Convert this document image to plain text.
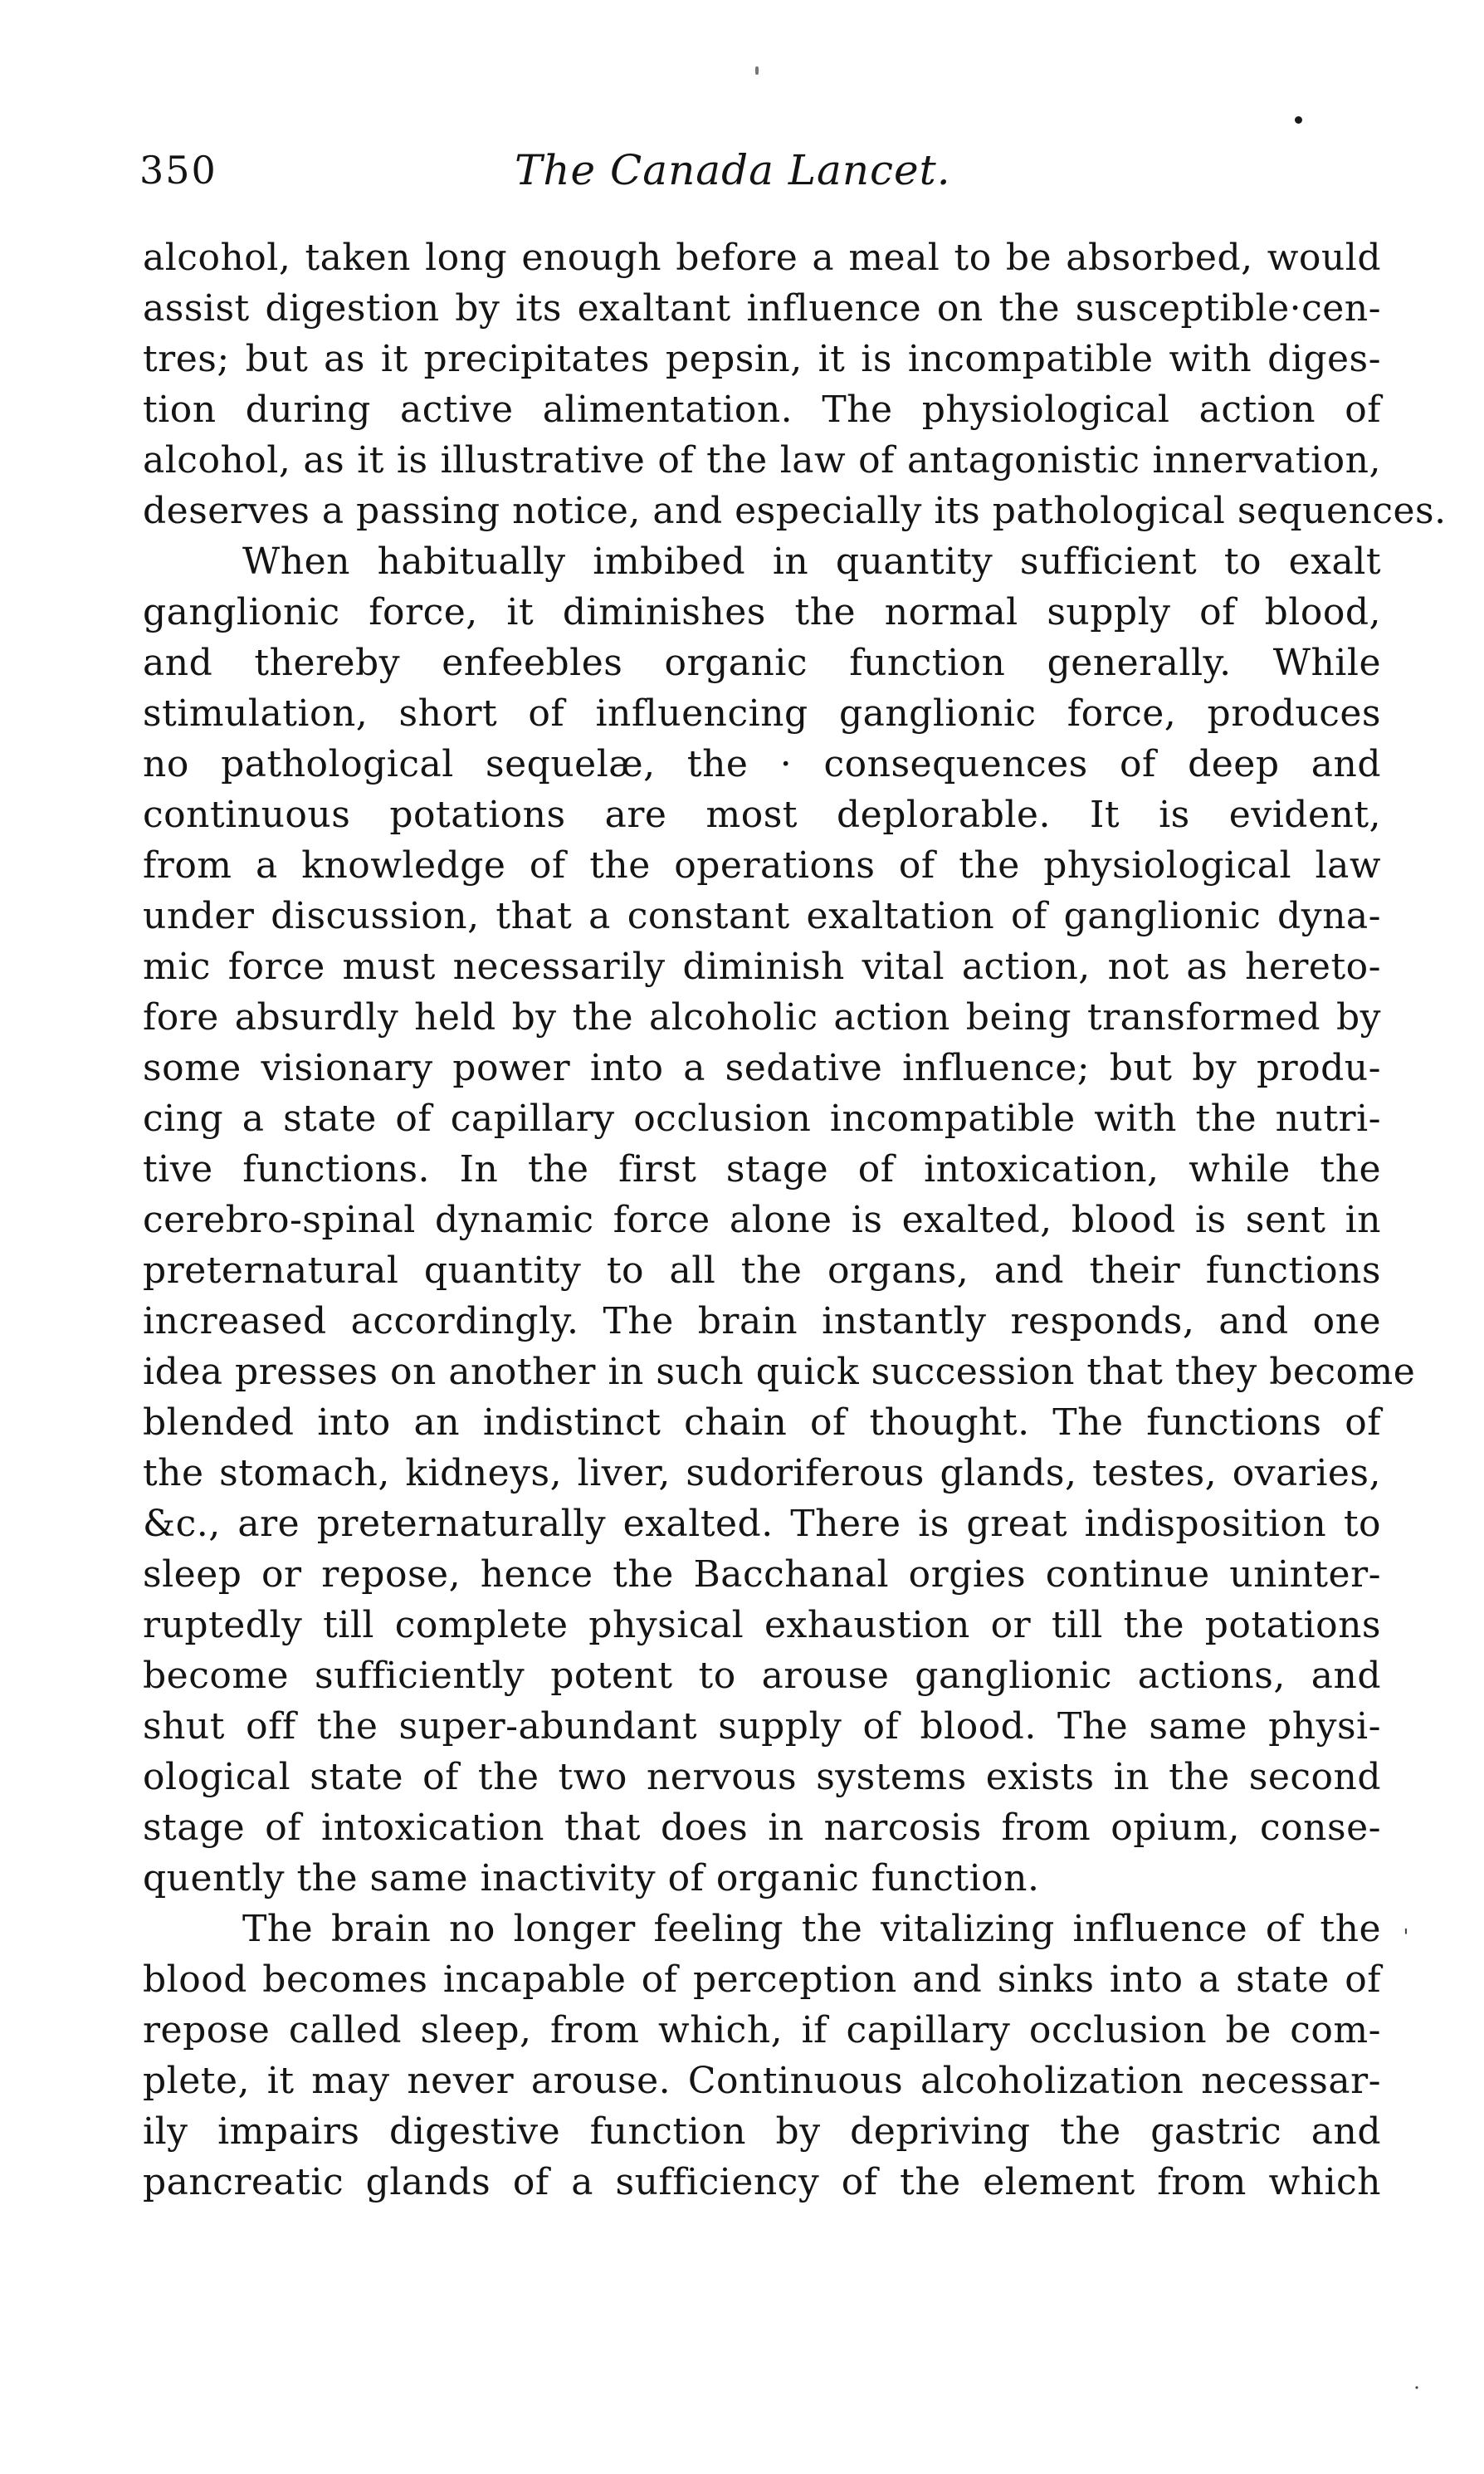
350	The Canada Lancet.
alcohol, taken long enough before a meal to be absorbed, would
assist digestion by its exaltant influence on the susceptible·cen-
tres; but as it precipitates pepsin, it is incompatible with diges-
tion during active alimentation. The physiological action of
alcohol, as it is illustrative of the law of antagonistic innervation,
deserves a passing notice, and especially its pathological sequences.
When habitually imbibed in quantity sufficient to exalt
ganglionic force, it diminishes the normal supply of blood,
and thereby enfeebles organic function generally. While
stimulation, short of influencing ganglionic force, produces
no pathological sequelæ, the · consequences of deep and
continuous potations are most deplorable. It is evident,
from a knowledge of the operations of the physiological law
under discussion, that a constant exaltation of ganglionic dyna-
mic force must necessarily diminish vital action, not as hereto-
fore absurdly held by the alcoholic action being transformed by
some visionary power into a sedative influence; but by produ-
cing a state of capillary occlusion incompatible with the nutri-
tive functions. In the first stage of intoxication, while the
cerebro-spinal dynamic force alone is exalted, blood is sent in
preternatural quantity to all the organs, and their functions
increased accordingly. The brain instantly responds, and one
idea presses on another in such quick succession that they become
blended into an indistinct chain of thought. The functions of
the stomach, kidneys, liver, sudoriferous glands, testes, ovaries,
&c., are preternaturally exalted. There is great indisposition to
sleep or repose, hence the Bacchanal orgies continue uninter-
ruptedly till complete physical exhaustion or till the potations
become sufficiently potent to arouse ganglionic actions, and
shut off the super-abundant supply of blood. The same physi-
ological state of the two nervous systems exists in the second
stage of intoxication that does in narcosis from opium, conse-
quently the same inactivity of organic function.
The brain no longer feeling the vitalizing influence of the
blood becomes incapable of perception and sinks into a state of
repose called sleep, from which, if capillary occlusion be com-
plete, it may never arouse. Continuous alcoholization necessar-
ily impairs digestive function by depriving the gastric and
pancreatic glands of a sufficiency of the element from which
ˌ
˙
